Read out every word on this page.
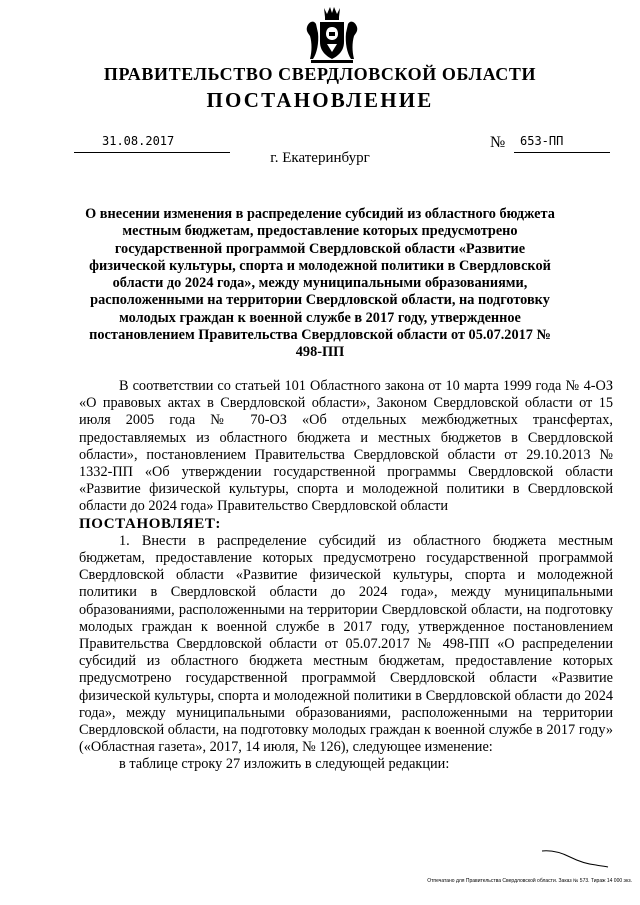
ПРАВИТЕЛЬСТВО СВЕРДЛОВСКОЙ ОБЛАСТИ
ПОСТАНОВЛЕНИЕ
31.08.2017	№ 653-ПП
г. Екатеринбург
О внесении изменения в распределение субсидий из областного бюджета местным бюджетам, предоставление которых предусмотрено государственной программой Свердловской области «Развитие физической культуры, спорта и молодежной политики в Свердловской области до 2024 года», между муниципальными образованиями, расположенными на территории Свердловской области, на подготовку молодых граждан к военной службе в 2017 году, утвержденное постановлением Правительства Свердловской области от 05.07.2017 № 498-ПП

В соответствии со статьей 101 Областного закона от 10 марта 1999 года № 4-ОЗ «О правовых актах в Свердловской области», Законом Свердловской области от 15 июля 2005 года № 70-ОЗ «Об отдельных межбюджетных трансфертах, предоставляемых из областного бюджета и местных бюджетов в Свердловской области», постановлением Правительства Свердловской области от 29.10.2013 № 1332-ПП «Об утверждении государственной программы Свердловской области «Развитие физической культуры, спорта и молодежной политики в Свердловской области до 2024 года» Правительство Свердловской области

ПОСТАНОВЛЯЕТ:

1. Внести в распределение субсидий из областного бюджета местным бюджетам, предоставление которых предусмотрено государственной программой Свердловской области «Развитие физической культуры, спорта и молодежной политики в Свердловской области до 2024 года», между муниципальными образованиями, расположенными на территории Свердловской области, на подготовку молодых граждан к военной службе в 2017 году, утвержденное постановлением Правительства Свердловской области от 05.07.2017 № 498-ПП «О распределении субсидий из областного бюджета местным бюджетам, предоставление которых предусмотрено государственной программой Свердловской области «Развитие физической культуры, спорта и молодежной политики в Свердловской области до 2024 года», между муниципальными образованиями, расположенными на территории Свердловской области, на подготовку молодых граждан к военной службе в 2017 году» («Областная газета», 2017, 14 июля, № 126), следующее изменение:

в таблице строку 27 изложить в следующей редакции:

Отпечатано для Правительства Свердловской области. Заказ № 573. Тираж 14 000 экз.
